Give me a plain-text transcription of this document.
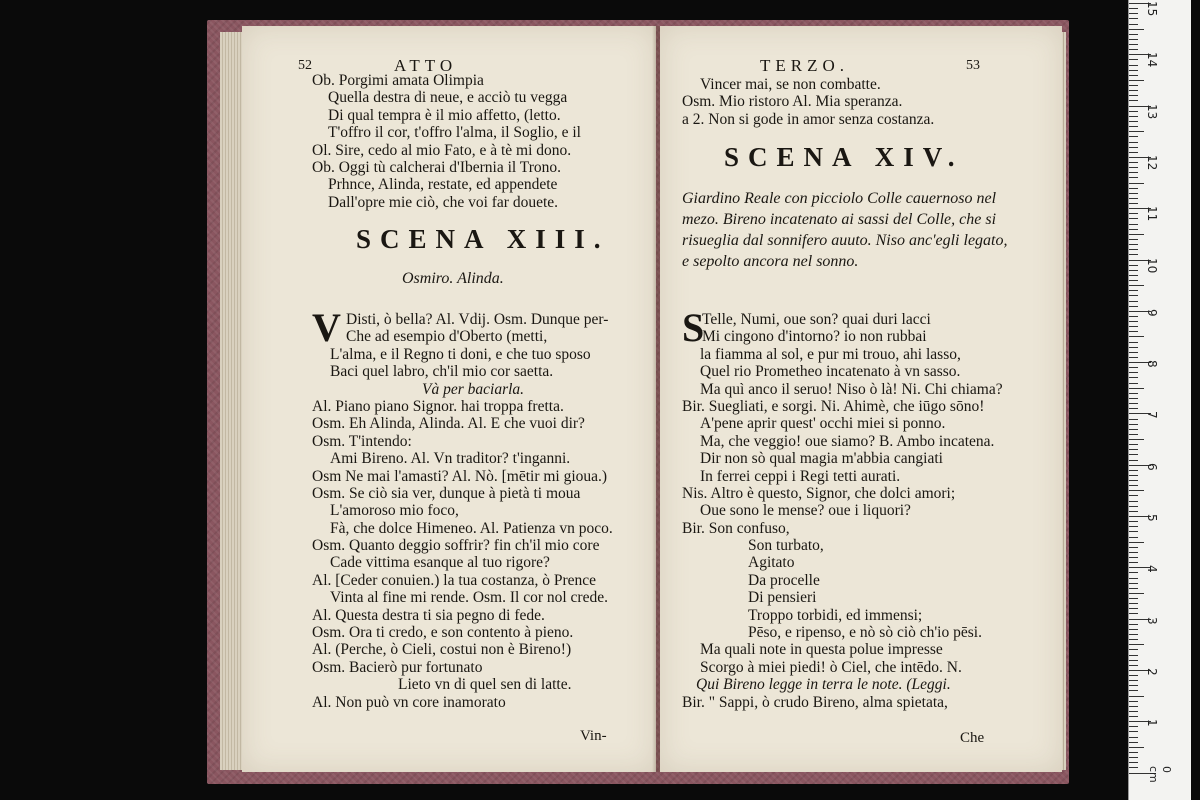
52	ATTO
Ob. Porgimi amata Olimpia
Quella destra di neue, e acciò tu vegga
Di qual tempra è il mio affetto, (letto.
T'offro il cor, t'offro l'alma, il Soglio, e il
Ol. Sire, cedo al mio Fato, e à tè mi dono.
Ob. Oggi tù calcherai d'Ibernia il Trono.
Prhnce, Alinda, restate, ed appendete
Dall'opre mie ciò, che voi far douete.
SCENA XIII.
Osmiro. Alinda.
V Disti, ò bella? Al. Vdij. Osm. Dunque per-
Che ad esempio d'Oberto (metti,
L'alma, e il Regno ti doni, e che tuo sposo
Baci quel labro, ch'il mio cor saetta.
Và per baciarla.
Al. Piano piano Signor. hai troppa fretta.
Osm. Eh Alinda, Alinda. Al. E che vuoi dir?
Osm. T'intendo:
Ami Bireno. Al. Vn traditor? t'inganni.
Osm Ne mai l'amasti? Al. Nò. [mētir mi gioua.)
Osm. Se ciò sia ver, dunque à pietà ti moua
L'amoroso mio foco,
Fà, che dolce Himeneo. Al. Patienza vn poco.
Osm. Quanto deggio soffrir? fin ch'il mio core
Cade vittima esanque al tuo rigore?
Al. [Ceder conuien.) la tua costanza, ò Prence
Vinta al fine mi rende. Osm. Il cor nol crede.
Al. Questa destra ti sia pegno di fede.
Osm. Ora ti credo, e son contento à pieno.
Al. (Perche, ò Cieli, costui non è Bireno!)
Osm. Bacierò pur fortunato
Lieto vn di quel sen di latte.
Al. Non può vn core inamorato
Vin-
TERZO.	53
Vincer mai, se non combatte.
Osm. Mio ristoro Al. Mia speranza.
a 2. Non si gode in amor senza costanza.
SCENA XIV.
Giardino Reale con picciolo Colle cauernoso nel mezo. Bireno incatenato ai sassi del Colle, che si risueglia dal sonnifero auuto. Niso anc'egli legato, e sepolto ancora nel sonno.
S
Telle, Numi, oue son? quai duri lacci
Mi cingono d'intorno? io non rubbai
la fiamma al sol, e pur mi trouo, ahi lasso,
Quel rio Prometheo incatenato à vn sasso.
Ma quì anco il seruo! Niso ò là! Ni. Chi chiama?
Bir. Suegliati, e sorgi. Ni. Ahimè, che iūgo sōno!
A'pene aprir quest' occhi miei si ponno.
Ma, che veggio! oue siamo? B. Ambo incatena.
Dir non sò qual magia m'abbia cangiati
In ferrei ceppi i Regi tetti aurati.
Nis. Altro è questo, Signor, che dolci amori;
Oue sono le mense? oue i liquori?
Bir. Son confuso,
Son turbato,
Agitato
Da procelle
Di pensieri
Troppo torbidi, ed immensi;
Pēso, e ripenso, e nò sò ciò ch'io pēsi.
Ma quali note in questa polue impresse
Scorgo à miei piedi! ò Ciel, che intēdo. N.
Qui Bireno legge in terra le note. (Leggi.
Bir. " Sappi, ò crudo Bireno, alma spietata,
Che
15
14
13
12
11
10
9
8
7
6
5
4
3
2
1
0 cm
